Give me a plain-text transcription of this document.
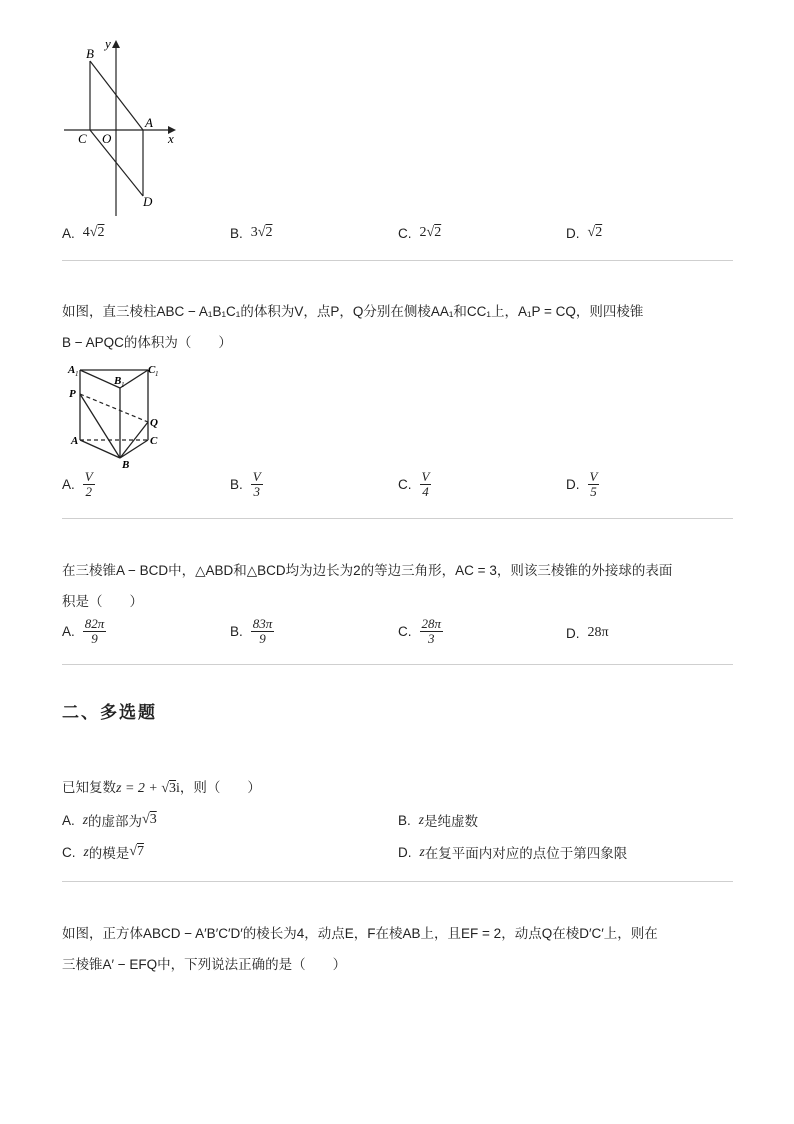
B
y
A
C O	x
D
A. 4√2	B. 3√2	C. 2√2	D. √2
如图，直三棱柱ABC − A₁B₁C₁的体积为V，点P，Q分别在侧棱AA₁和CC₁上，A₁P = CQ，则四棱锥
B − APQC的体积为（　　）
A 1
B 1
C 1
P
Q
A	C
B
A. $\frac{V}{2}$	B. $\frac{V}{3}$	C. $\frac{V}{4}$	D. $\frac{V}{5}$
在三棱锥A − BCD中，△ABD和△BCD均为边长为2的等边三角形，AC = 3，则该三棱锥的外接球的表面
积是（　　）
A. $\frac{82\pi}{9}$	B. $\frac{83\pi}{9}$	C. $\frac{28\pi}{3}$	D. 28π
二、多选题
已知复数z = 2 + √3i，则（　　）
A. z 的虚部为 √3	B. z 是纯虚数
C. z 的模是 √7	D. z 在复平面内对应的点位于第四象限
如图，正方体ABCD − A′B′C′D′的棱长为4，动点E，F在棱AB上，且EF = 2，动点Q在棱D′C′上，则在
三棱锥A′ − EFQ中，下列说法正确的是（　　）
